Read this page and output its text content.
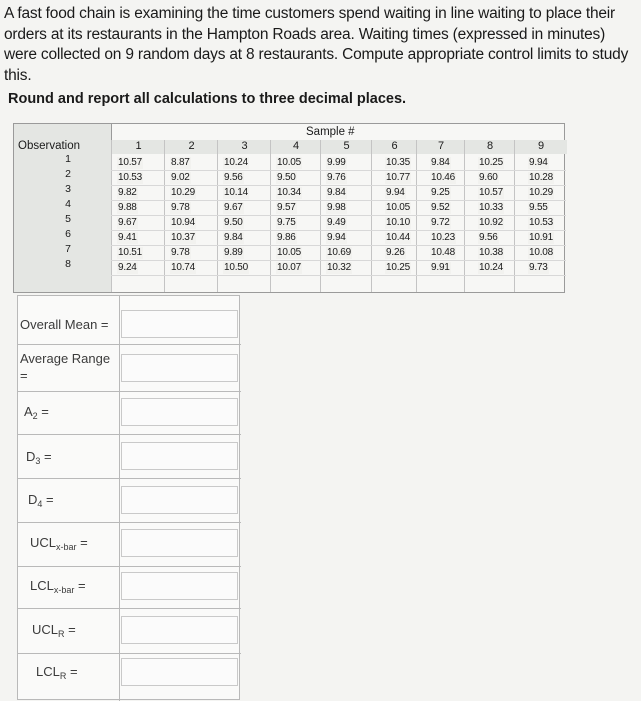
A fast food chain is examining the time customers spend waiting in line waiting to place their orders at its restaurants in the Hampton Roads area. Waiting times (expressed in minutes) were collected on 9 random days at 8 restaurants. Compute appropriate control limits to study this.
Round and report all calculations to three decimal places.
Observation
Sample #
1	2	3	4	5	6	7	8	9
1
2
3
4
5
6
7
8
10.57	8.87	10.24	10.05	9.99	10.35 9.84	10.25	9.94
10.53	9.02	9.56	9.50	9.76	10.77 10.46 9.60	10.28
9.82	10.29	10.14	10.34	9.84	9.94	9.25	10.57	10.29
9.88	9.78	9.67	9.57	9.98	10.05 9.52	10.33	9.55
9.67	10.94	9.50	9.75	9.49	10.10 9.72	10.92	10.53
9.41	10.37	9.84	9.86	9.94	10.44 10.23 9.56	10.91
10.51	9.78	9.89	10.05	10.69	9.26	10.48 10.38	10.08
9.24	10.74	10.50	10.07	10.32	10.25 9.91	10.24	9.73
Overall Mean =
Average Range
=
$A_2$ =
$D_3$ =
$D_4$ =
$UCL_{x-bar}$ =
$LCL_{x-bar}$ =
$UCL_R$ =
$LCL_R$ =
